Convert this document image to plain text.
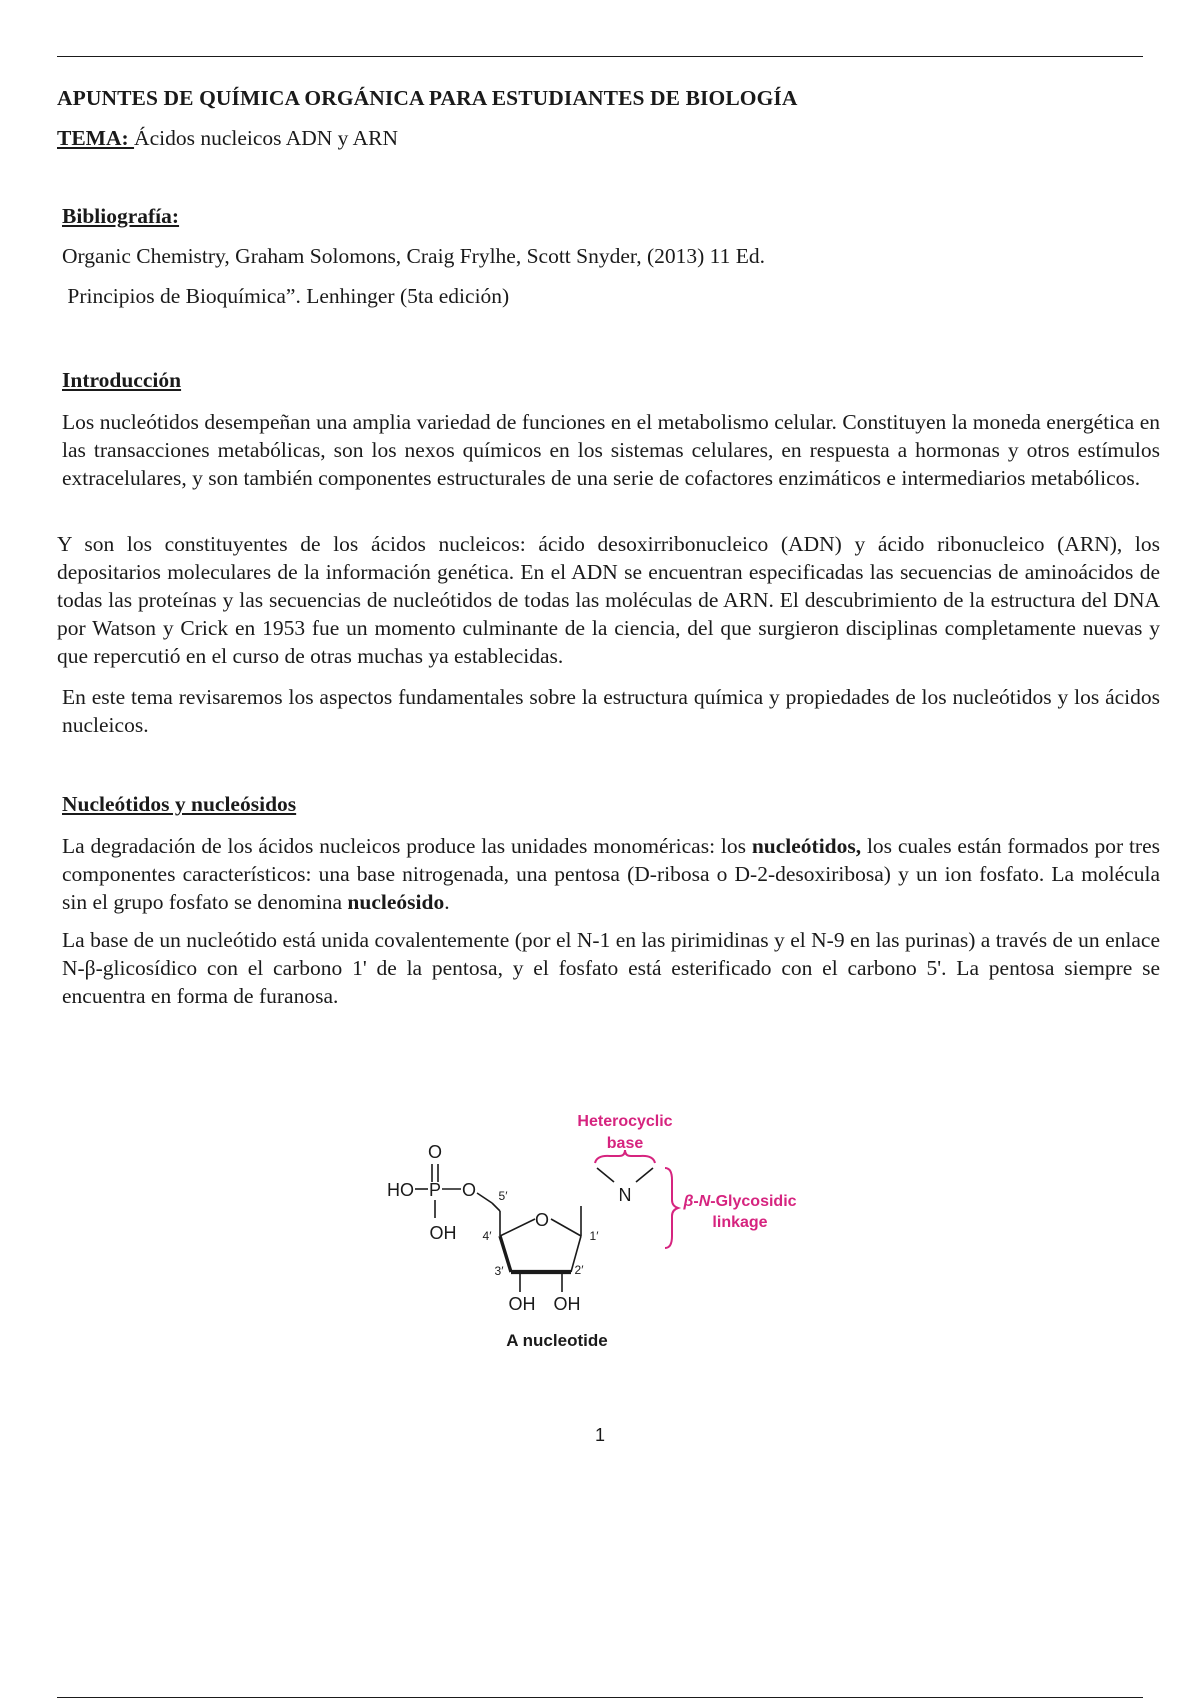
APUNTES DE QUÍMICA ORGÁNICA PARA ESTUDIANTES DE BIOLOGÍA

TEMA: Ácidos nucleicos ADN y ARN

Bibliografía:

Organic Chemistry, Graham Solomons, Craig Frylhe, Scott Snyder, (2013) 11 Ed.

Principios de Bioquímica”. Lenhinger (5ta edición)

Introducción

Los nucleótidos desempeñan una amplia variedad de funciones en el metabolismo celular. Constituyen la moneda energética en las transacciones metabólicas, son los nexos químicos en los sistemas celulares, en respuesta a hormonas y otros estímulos extracelulares, y son también componentes estructurales de una serie de cofactores enzimáticos e intermediarios metabólicos.

Y son los constituyentes de los ácidos nucleicos: ácido desoxirribonucleico (ADN) y ácido ribonucleico (ARN), los depositarios moleculares de la información genética. En el ADN se encuentran especificadas las secuencias de aminoácidos de todas las proteínas y las secuencias de nucleótidos de todas las moléculas de ARN. El descubrimiento de la estructura del DNA por Watson y Crick en 1953 fue un momento culminante de la ciencia, del que surgieron disciplinas completamente nuevas y que repercutió en el curso de otras muchas ya establecidas.

En este tema revisaremos los aspectos fundamentales sobre la estructura química y propiedades de los nucleótidos y los ácidos nucleicos.

Nucleótidos y nucleósidos

La degradación de los ácidos nucleicos produce las unidades monoméricas: los nucleótidos, los cuales están formados por tres componentes característicos: una base nitrogenada, una pentosa (D-ribosa o D-2-desoxiribosa) y un ion fosfato. La molécula sin el grupo fosfato se denomina nucleósido.

La base de un nucleótido está unida covalentemente (por el N-1 en las pirimidinas y el N-9 en las purinas) a través de un enlace N-β-glicosídico con el carbono 1' de la pentosa, y el fosfato está esterificado con el carbono 5'. La pentosa siempre se encuentra en forma de furanosa.

Heterocyclic
base
N	β-N-Glycosidic
linkage
O
HO P O
OH
5′
O
4′	1′
3′	2′
OH OH
A nucleotide

1
